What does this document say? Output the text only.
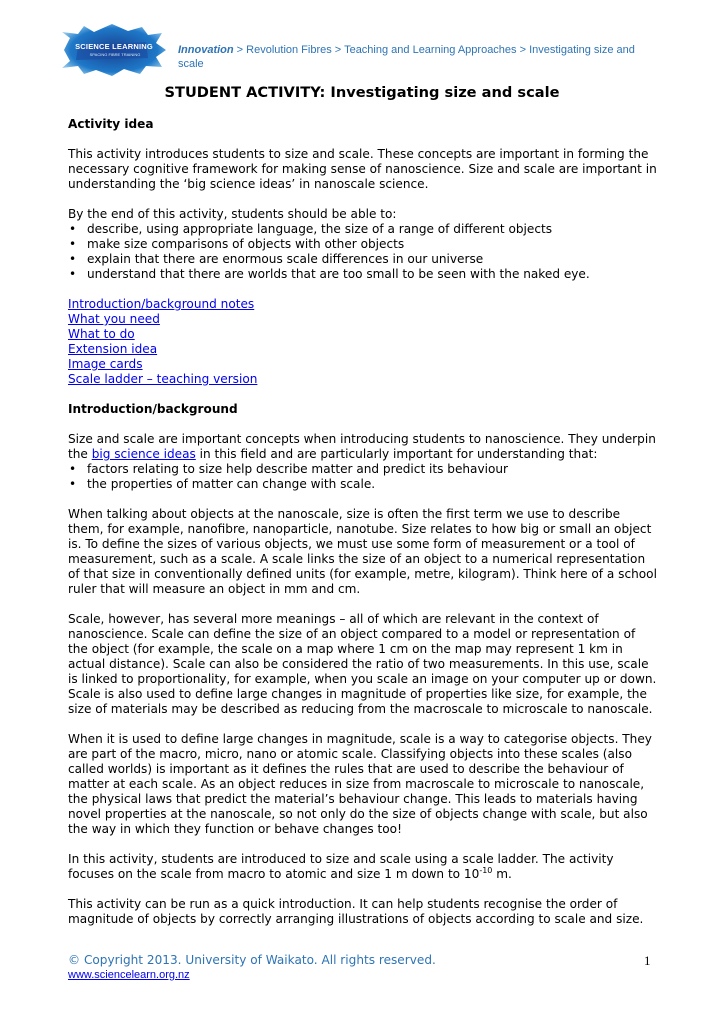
SCIENCE LEARNING
SPACING FIBRE TRAINING	Innovation > Revolution Fibres > Teaching and Learning Approaches > Investigating size and scale
STUDENT ACTIVITY: Investigating size and scale

Activity idea

This activity introduces students to size and scale. These concepts are important in forming the necessary cognitive framework for making sense of nanoscience. Size and scale are important in understanding the ‘big science ideas’ in nanoscale science.

By the end of this activity, students should be able to:

• describe, using appropriate language, the size of a range of different objects
• make size comparisons of objects with other objects
• explain that there are enormous scale differences in our universe
• understand that there are worlds that are too small to be seen with the naked eye.
Introduction/background notes
What you need
What to do
Extension idea
Image cards
Scale ladder – teaching version

Introduction/background

Size and scale are important concepts when introducing students to nanoscience. They underpin the big science ideas in this field and are particularly important for understanding that:

• factors relating to size help describe matter and predict its behaviour
• the properties of matter can change with scale.

When talking about objects at the nanoscale, size is often the first term we use to describe them, for example, nanofibre, nanoparticle, nanotube. Size relates to how big or small an object is. To define the sizes of various objects, we must use some form of measurement or a tool of measurement, such as a scale. A scale links the size of an object to a numerical representation of that size in conventionally defined units (for example, metre, kilogram). Think here of a school ruler that will measure an object in mm and cm.

Scale, however, has several more meanings – all of which are relevant in the context of nanoscience. Scale can define the size of an object compared to a model or representation of the object (for example, the scale on a map where 1 cm on the map may represent 1 km in actual distance). Scale can also be considered the ratio of two measurements. In this use, scale is linked to proportionality, for example, when you scale an image on your computer up or down. Scale is also used to define large changes in magnitude of properties like size, for example, the size of materials may be described as reducing from the macroscale to microscale to nanoscale.

When it is used to define large changes in magnitude, scale is a way to categorise objects. They are part of the macro, micro, nano or atomic scale. Classifying objects into these scales (also called worlds) is important as it defines the rules that are used to describe the behaviour of matter at each scale. As an object reduces in size from macroscale to microscale to nanoscale, the physical laws that predict the material’s behaviour change. This leads to materials having novel properties at the nanoscale, so not only do the size of objects change with scale, but also the way in which they function or behave changes too!

In this activity, students are introduced to size and scale using a scale ladder. The activity focuses on the scale from macro to atomic and size 1 m down to $10^{-10}$ m.

This activity can be run as a quick introduction. It can help students recognise the order of magnitude of objects by correctly arranging illustrations of objects according to scale and size.

© Copyright 2013. University of Waikato. All rights reserved.
www.sciencelearn.org.nz
1
